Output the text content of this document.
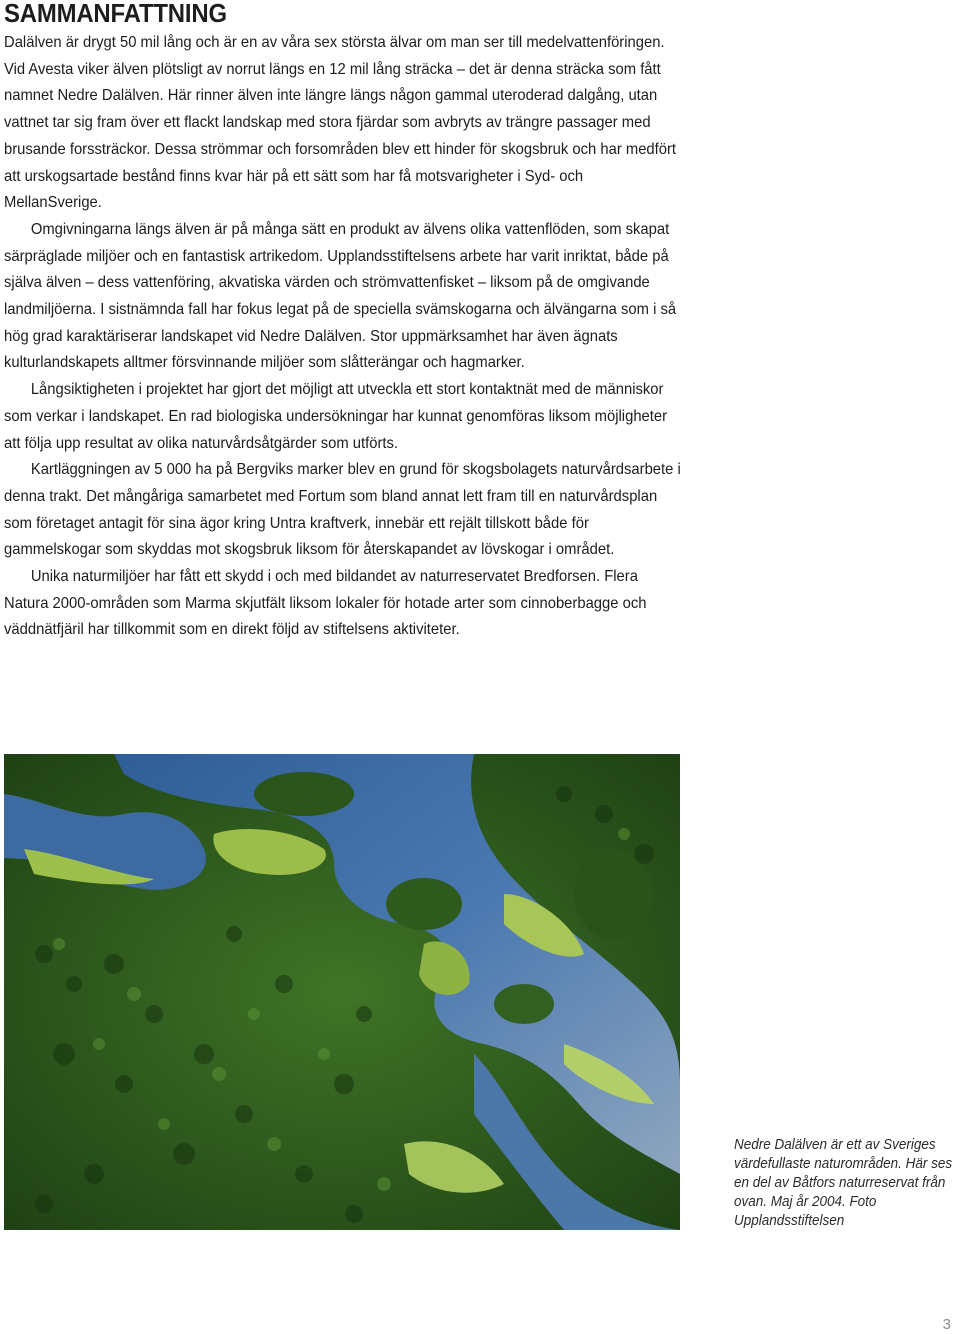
SAMMANFATTNING

Dalälven är drygt 50 mil lång och är en av våra sex största älvar om man ser till medelvattenföringen. Vid Avesta viker älven plötsligt av norrut längs en 12 mil lång sträcka – det är denna sträcka som fått namnet Nedre Dalälven. Här rinner älven inte längre längs någon gammal uteroderad dalgång, utan vattnet tar sig fram över ett flackt landskap med stora fjärdar som avbryts av trängre passager med brusande forssträckor. Dessa strömmar och forsområden blev ett hinder för skogsbruk och har medfört att urskogsartade bestånd finns kvar här på ett sätt som har få motsvarigheter i Syd- och MellanSverige.

Omgivningarna längs älven är på många sätt en produkt av älvens olika vattenflöden, som skapat särpräglade miljöer och en fantastisk artrikedom. Upplandsstiftelsens arbete har varit inriktat, både på själva älven – dess vattenföring, akvatiska värden och strömvattenfisket – liksom på de omgivande landmiljöerna. I sistnämnda fall har fokus legat på de speciella svämskogarna och älvängarna som i så hög grad karaktäriserar landskapet vid Nedre Dalälven. Stor uppmärksamhet har även ägnats kulturlandskapets alltmer försvinnande miljöer som slåtterängar och hagmarker.

Långsiktigheten i projektet har gjort det möjligt att utveckla ett stort kontaktnät med de människor som verkar i landskapet. En rad biologiska undersökningar har kunnat genomföras liksom möjligheter att följa upp resultat av olika naturvårdsåtgärder som utförts.

Kartläggningen av 5 000 ha på Bergviks marker blev en grund för skogsbolagets naturvårdsarbete i denna trakt. Det mångåriga samarbetet med Fortum som bland annat lett fram till en naturvårdsplan som företaget antagit för sina ägor kring Untra kraftverk, innebär ett rejält tillskott både för gammelskogar som skyddas mot skogsbruk liksom för återskapandet av lövskogar i området.

Unika naturmiljöer har fått ett skydd i och med bildandet av naturreservatet Bredforsen. Flera Natura 2000-områden som Marma skjutfält liksom lokaler för hotade arter som cinnoberbagge och väddnätfjäril har tillkommit som en direkt följd av stiftelsens aktiviteter.

Nedre Dalälven är ett av Sveriges värdefullaste naturområden. Här ses en del av Båtfors naturreservat från ovan. Maj år 2004. Foto Upplandsstiftelsen
3
